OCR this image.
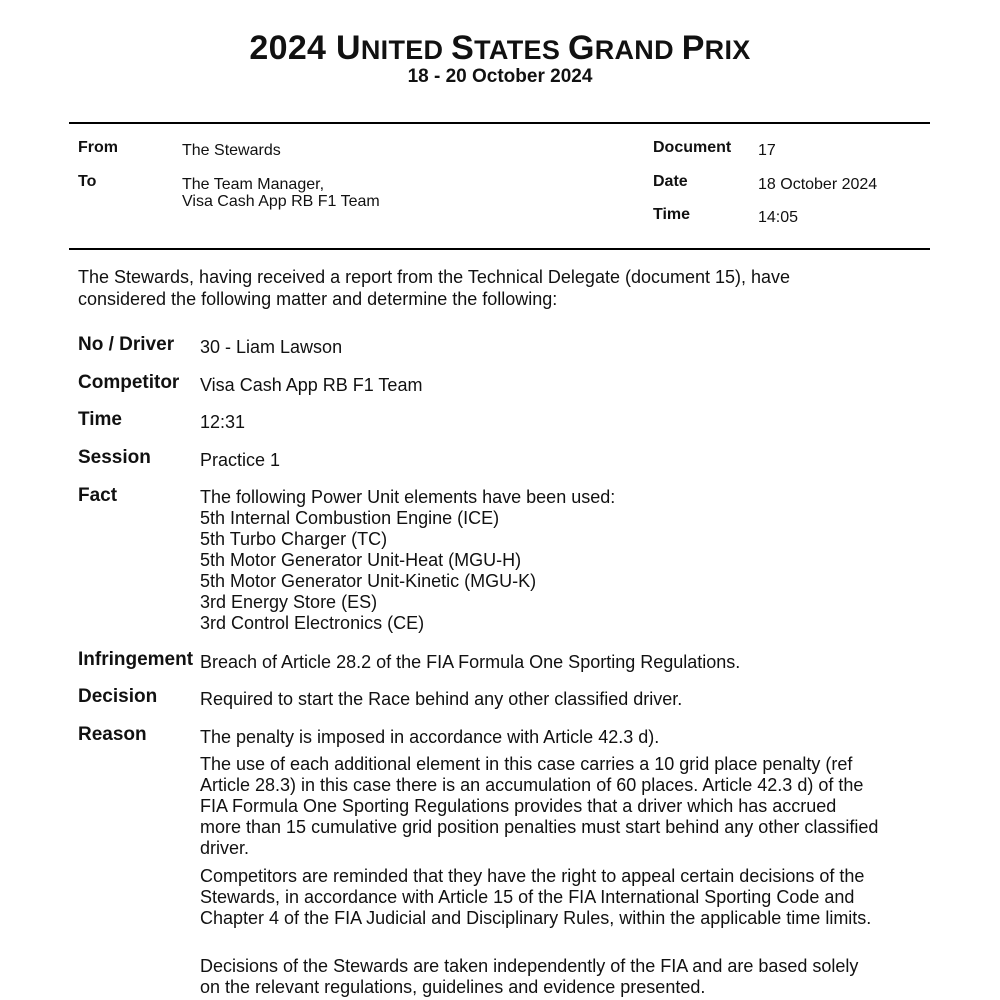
2024 UNITED STATES GRAND PRIX
18 - 20 October 2024
From	The Stewards
To	The Team Manager,
Visa Cash App RB F1 Team
Document 17
Date	18 October 2024
Time	14:05
The Stewards, having received a report from the Technical Delegate (document 15), have
considered the following matter and determine the following:
No / Driver 30 - Liam Lawson
Competitor Visa Cash App RB F1 Team
Time	12:31
Session	Practice 1
Fact	The following Power Unit elements have been used:
5th Internal Combustion Engine (ICE)
5th Turbo Charger (TC)
5th Motor Generator Unit-Heat (MGU-H)
5th Motor Generator Unit-Kinetic (MGU-K)
3rd Energy Store (ES)
3rd Control Electronics (CE)
Infringement Breach of Article 28.2 of the FIA Formula One Sporting Regulations.
Decision Required to start the Race behind any other classified driver.
Reason	The penalty is imposed in accordance with Article 42.3 d).
The use of each additional element in this case carries a 10 grid place penalty (ref
Article 28.3) in this case there is an accumulation of 60 places. Article 42.3 d) of the
FIA Formula One Sporting Regulations provides that a driver which has accrued
more than 15 cumulative grid position penalties must start behind any other classified
driver.
Competitors are reminded that they have the right to appeal certain decisions of the
Stewards, in accordance with Article 15 of the FIA International Sporting Code and
Chapter 4 of the FIA Judicial and Disciplinary Rules, within the applicable time limits.
Decisions of the Stewards are taken independently of the FIA and are based solely
on the relevant regulations, guidelines and evidence presented.
